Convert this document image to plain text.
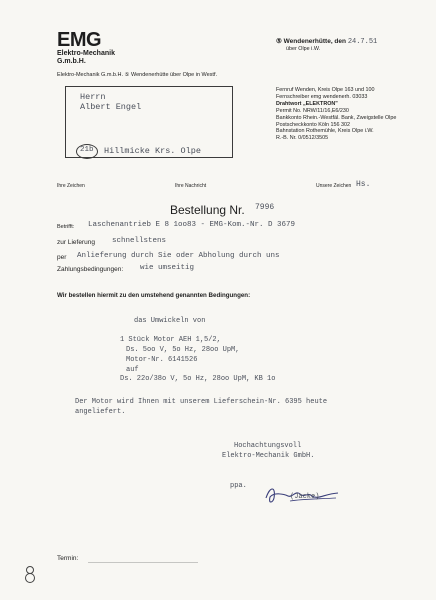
EMG
Elektro-Mechanik
G.m.b.H.
Elektro-Mechanik G.m.b.H. ⑤ Wendenerhütte über Olpe in Westf.
⑤ Wendenerhütte, den 24.7.51
über Olpe i.W.
Fernruf Wenden, Kreis Olpe 163 und 100
Fernschreiber emg wendenerh. 03033
Drahtwort „ELEKTRON"
Permit No. NRW/11/16,E6/230
Bankkonto Rhein.-Westfäl. Bank, Zweigstelle Olpe
Postscheckkonto Köln 156 302
Bahnstation Rothemühle, Kreis Olpe i.W.
R.-B. Nr. 0/0512/3505
Herrn
Albert Engel
21b Hillmicke Krs. Olpe
Ihre Zeichen	Ihre Nachricht	Unsere Zeichen Hs.
Bestellung Nr. 7996
Betrifft: Laschenantrieb E 8 1oo83 - EMG-Kom.-Nr. D 3679
zur Lieferung schnellstens
per Anlieferung durch Sie oder Abholung durch uns
Zahlungsbedingungen: wie umseitig
Wir bestellen hiermit zu den umstehend genannten Bedingungen:
das Umwickeln von
1 Stück Motor AEH 1,5/2,
Ds. 5oo V, 5o Hz, 28oo UpM,
Motor-Nr. 6141526
auf
Ds. 22o/38o V, 5o Hz, 28oo UpM, KB 1o
Der Motor wird Ihnen mit unserem Lieferschein-Nr. 6395 heute
angeliefert.
Hochachtungsvoll
Elektro-Mechanik GmbH.
ppa.
(Jacke)
Termin:
